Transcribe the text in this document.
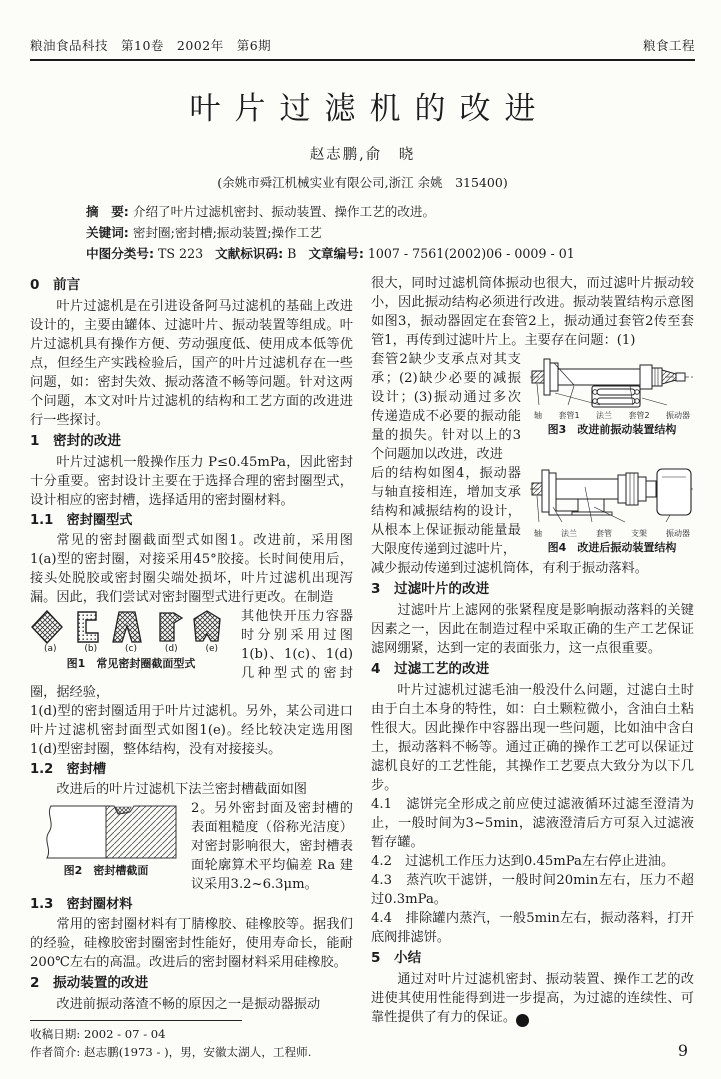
粮油食品科技　第10卷　2002年　第6期	粮食工程
叶片过滤机的改进
赵志鹏,俞　晓
(余姚市舜江机械实业有限公司,浙江 余姚　315400)
摘　要: 介绍了叶片过滤机密封、振动装置、操作工艺的改进。
关键词: 密封圈;密封槽;振动装置;操作工艺
中图分类号: TS 223 文献标识码: B 文章编号: 1007 - 7561(2002)06 - 0009 - 01
0　前言

叶片过滤机是在引进设备阿马过滤机的基础上改进设计的，主要由罐体、过滤叶片、振动装置等组成。叶片过滤机具有操作方便、劳动强度低、使用成本低等优点，但经生产实践检验后，国产的叶片过滤机存在一些问题，如：密封失效、振动落渣不畅等问题。针对这两个问题，本文对叶片过滤机的结构和工艺方面的改进进行一些探讨。

1　密封的改进

叶片过滤机一般操作压力 P≤0.45mPa，因此密封十分重要。密封设计主要在于选择合理的密封圈型式，设计相应的密封槽，选择适用的密封圈材料。

1.1　密封圈型式

常见的密封圈截面型式如图1。改进前，采用图1(a)型的密封圈，对接采用45°胶接。长时间使用后，接头处脱胶或密封圈尖端处损坏，叶片过滤机出现泻漏。因此，我们尝试对密封圈型式进行更改。在制造

(a)	(b)	(c)	(d)	(e)
图1　常见密封圈截面型式

其他快开压力容器时分别采用过图1(b)、1(c)、1(d)几种型式的密封圈，据经验，

1(d)型的密封圈适用于叶片过滤机。另外，某公司进口叶片过滤机密封面型式如图1(e)。经比较决定选用图1(d)型密封圈，整体结构，没有对接接头。

1.2　密封槽

改进后的叶片过滤机下法兰密封槽截面如图

图2　密封槽截面

2。另外密封面及密封槽的表面粗糙度（俗称光洁度）对密封影响很大，密封槽表面轮廓算术平均偏差 Ra 建议采用3.2~6.3μm。

1.3　密封圈材料

常用的密封圈材料有丁腈橡胶、硅橡胶等。据我们的经验，硅橡胶密封圈密封性能好，使用寿命长，能耐200℃左右的高温。改进后的密封圈材料采用硅橡胶。

2　振动装置的改进

改进前振动落渣不畅的原因之一是振动器振动

收稿日期: 2002 - 07 - 04
作者简介: 赵志鹏(1973 - )，男，安徽太湖人，工程师.

很大，同时过滤机筒体振动也很大，而过滤叶片振动较小，因此振动结构必须进行改进。振动装置结构示意图如图3，振动器固定在套管2上，振动通过套管2传至套管1，再传到过滤叶片上。主要存在问题：(1)

轴 套管1 法兰 套管2 振动器
图3　改进前振动装置结构

套管2缺少支承点对其支承；(2)缺少必要的减振设计；(3)振动通过多次传递造成不必要的振动能量的损失。针对以上的3个问题加以改进，改进

轴 法兰 套管 支架 振动器
图4　改进后振动装置结构

后的结构如图4，振动器与轴直接相连，增加支承结构和减振结构的设计，从根本上保证振动能量最大限度传递到过滤叶片，

减少振动传递到过滤机筒体，有利于振动落料。

3　过滤叶片的改进

过滤叶片上滤网的张紧程度是影响振动落料的关键因素之一，因此在制造过程中采取正确的生产工艺保证滤网绷紧，达到一定的表面张力，这一点很重要。

4　过滤工艺的改进

叶片过滤机过滤毛油一般没什么问题，过滤白土时由于白土本身的特性，如：白土颗粒微小，含油白土粘性很大。因此操作中容器出现一些问题，比如油中含白土，振动落料不畅等。通过正确的操作工艺可以保证过滤机良好的工艺性能，其操作工艺要点大致分为以下几步。

4.1　滤饼完全形成之前应使过滤液循环过滤至澄清为止，一般时间为3~5min，滤液澄清后方可泵入过滤液暂存罐。

4.2　过滤机工作压力达到0.45mPa左右停止进油。

4.3　蒸汽吹干滤饼，一般时间20min左右，压力不超过0.3mPa。

4.4　排除罐内蒸汽，一般5min左右，振动落料，打开底阀排滤饼。

5　小结

通过对叶片过滤机密封、振动装置、操作工艺的改进使其使用性能得到进一步提高，为过滤的连续性、可靠性提供了有力的保证。	完

9
